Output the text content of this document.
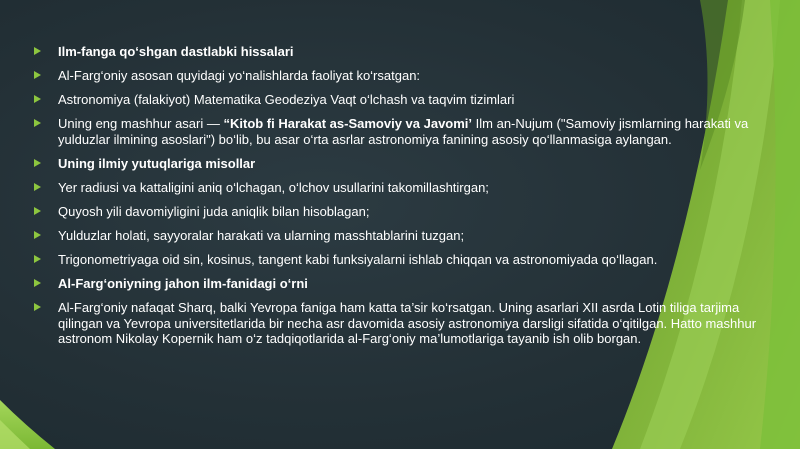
Ilm-fanga qo‘shgan dastlabki hissalari
Al-Farg‘oniy asosan quyidagi yo‘nalishlarda faoliyat ko‘rsatgan:
Astronomiya (falakiyot) Matematika Geodeziya Vaqt o‘lchash va taqvim tizimlari
Uning eng mashhur asari — “Kitob fi Harakat as-Samoviy va Javomi’ Ilm an-Nujum ("Samoviy jismlarning harakati va yulduzlar ilmining asoslari") bo‘lib, bu asar o‘rta asrlar astronomiya fanining asosiy qo‘llanmasiga aylangan.
Uning ilmiy yutuqlariga misollar
Yer radiusi va kattaligini aniq o‘lchagan, o‘lchov usullarini takomillashtirgan;
Quyosh yili davomiyligini juda aniqlik bilan hisoblagan;
Yulduzlar holati, sayyoralar harakati va ularning masshtablarini tuzgan;
Trigonometriyaga oid sin, kosinus, tangent kabi funksiyalarni ishlab chiqqan va astronomiyada qo‘llagan.
Al-Farg‘oniyning jahon ilm-fanidagi o‘rni
Al-Farg‘oniy nafaqat Sharq, balki Yevropa faniga ham katta ta’sir ko‘rsatgan. Uning asarlari XII asrda Lotin tiliga tarjima qilingan va Yevropa universitetlarida bir necha asr davomida asosiy astronomiya darsligi sifatida o‘qitilgan. Hatto mashhur astronom Nikolay Kopernik ham o‘z tadqiqotlarida al-Farg‘oniy ma’lumotlariga tayanib ish olib borgan.
